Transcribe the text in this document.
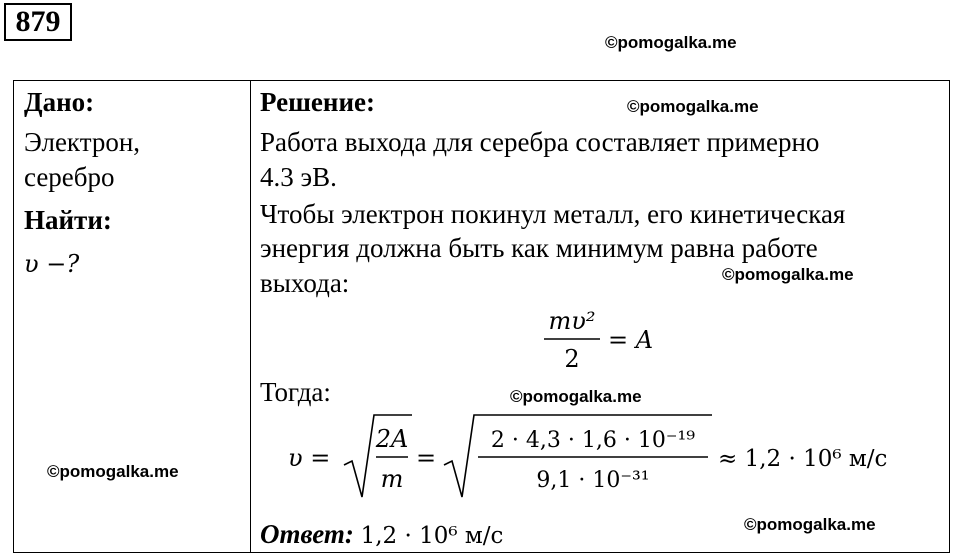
879
©pomogalka.me
©pomogalka.me
©pomogalka.me
©pomogalka.me
©pomogalka.me
©pomogalka.me
Дано:
Электрон,
серебро
Найти:
υ −?
Решение:
Работа выхода для серебра составляет примерно
4.3 эВ.
Чтобы электрон покинул металл, его кинетическая
энергия должна быть как минимум равна работе
выхода:
mυ²
2
= A
Тогда:
υ =
2A
m
=
2 · 4,3 · 1,6 · 10⁻¹⁹
9,1 · 10⁻³¹
≈ 1,2 · 10⁶ м/с
Ответ: 1,2 · 10⁶ м/с
